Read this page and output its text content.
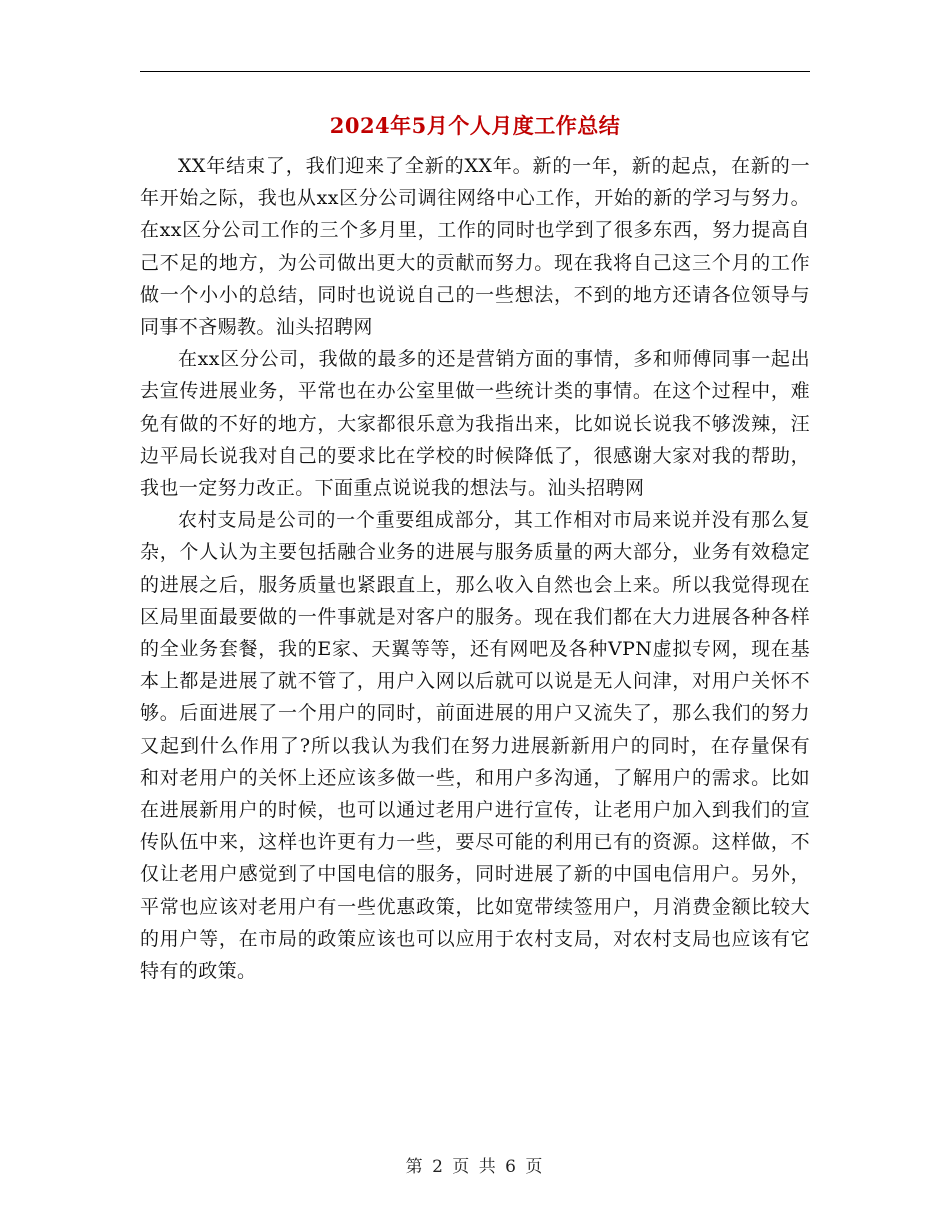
2024年5月个人月度工作总结

XX年结束了，我们迎来了全新的XX年。新的一年，新的起点，在新的一年开始之际，我也从xx区分公司调往网络中心工作，开始的新的学习与努力。在xx区分公司工作的三个多月里，工作的同时也学到了很多东西，努力提高自己不足的地方，为公司做出更大的贡献而努力。现在我将自己这三个月的工作做一个小小的总结，同时也说说自己的一些想法，不到的地方还请各位领导与同事不吝赐教。汕头招聘网

在xx区分公司，我做的最多的还是营销方面的事情，多和师傅同事一起出去宣传进展业务，平常也在办公室里做一些统计类的事情。在这个过程中，难免有做的不好的地方，大家都很乐意为我指出来，比如说长说我不够泼辣，汪边平局长说我对自己的要求比在学校的时候降低了，很感谢大家对我的帮助，我也一定努力改正。下面重点说说我的想法与。汕头招聘网

农村支局是公司的一个重要组成部分，其工作相对市局来说并没有那么复杂，个人认为主要包括融合业务的进展与服务质量的两大部分，业务有效稳定的进展之后，服务质量也紧跟直上，那么收入自然也会上来。所以我觉得现在区局里面最要做的一件事就是对客户的服务。现在我们都在大力进展各种各样的全业务套餐，我的E家、天翼等等，还有网吧及各种VPN虚拟专网，现在基本上都是进展了就不管了，用户入网以后就可以说是无人问津，对用户关怀不够。后面进展了一个用户的同时，前面进展的用户又流失了，那么我们的努力又起到什么作用了?所以我认为我们在努力进展新新用户的同时，在存量保有和对老用户的关怀上还应该多做一些，和用户多沟通，了解用户的需求。比如在进展新用户的时候，也可以通过老用户进行宣传，让老用户加入到我们的宣传队伍中来，这样也许更有力一些，要尽可能的利用已有的资源。这样做，不仅让老用户感觉到了中国电信的服务，同时进展了新的中国电信用户。另外，平常也应该对老用户有一些优惠政策，比如宽带续签用户，月消费金额比较大的用户等，在市局的政策应该也可以应用于农村支局，对农村支局也应该有它特有的政策。

第 2 页 共 6 页
